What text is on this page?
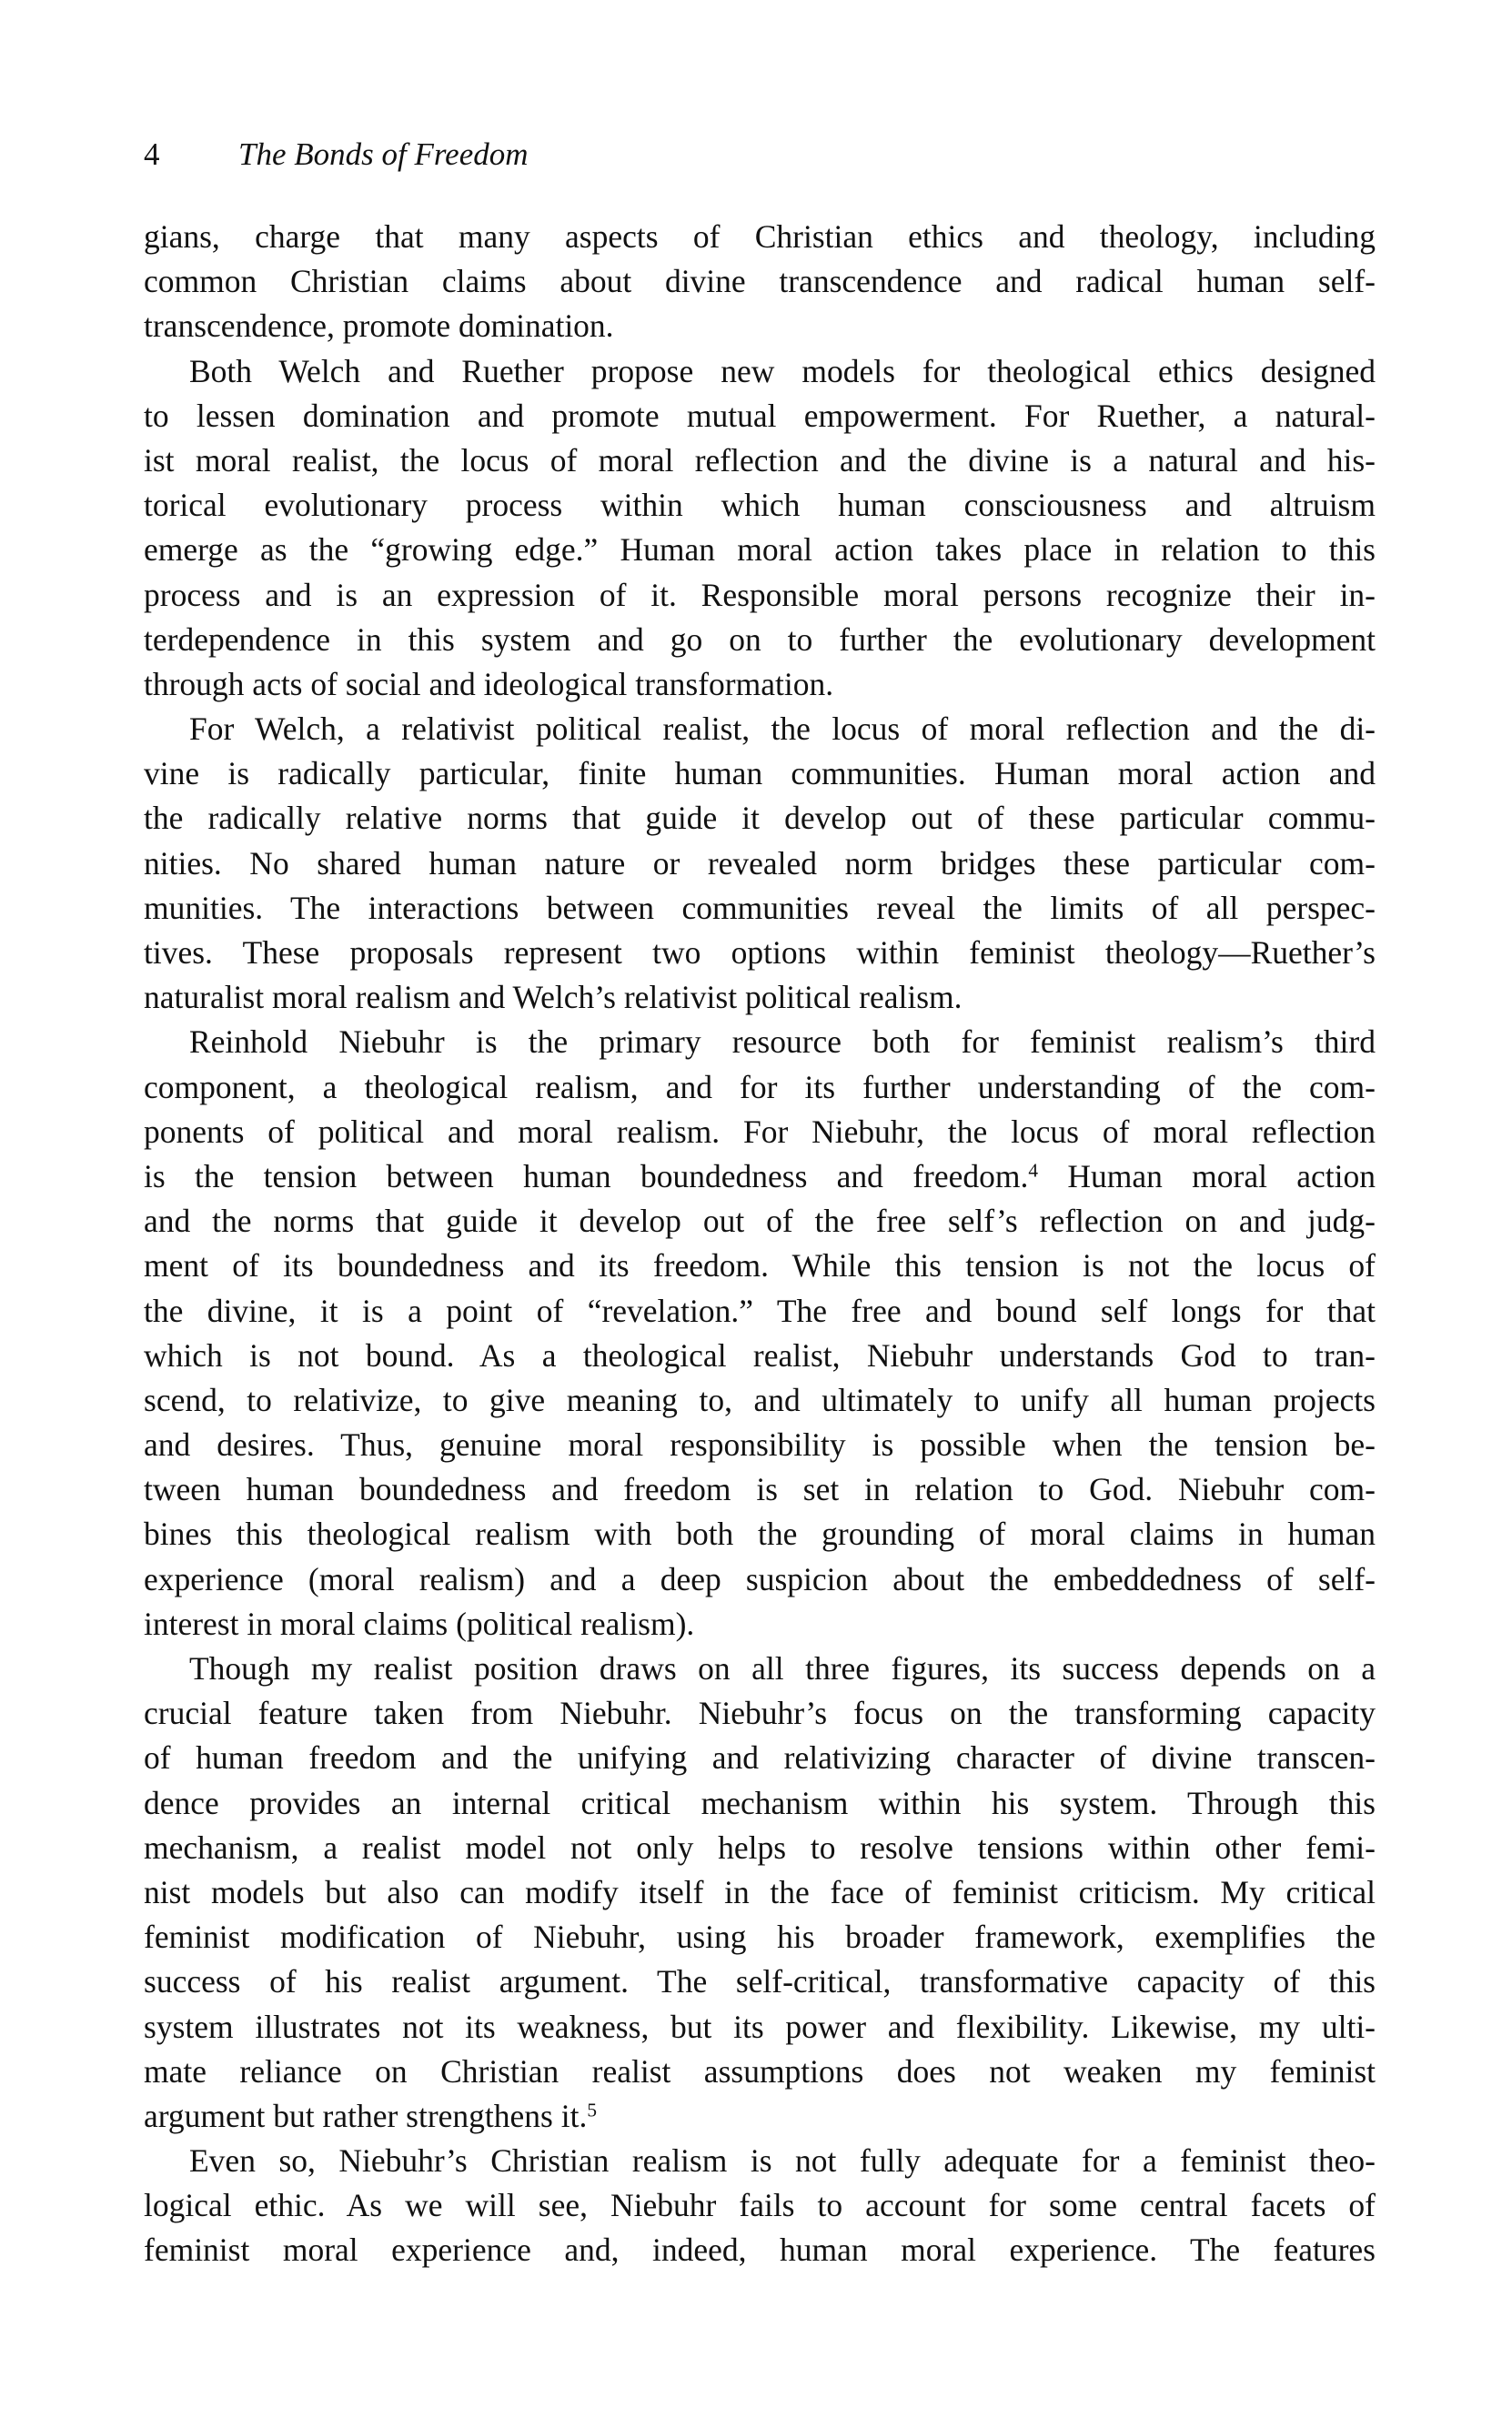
4 The Bonds of Freedom
gians, charge that many aspects of Christian ethics and theology, including
common Christian claims about divine transcendence and radical human self-
transcendence, promote domination.
Both Welch and Ruether propose new models for theological ethics designed
to lessen domination and promote mutual empowerment. For Ruether, a natural-
ist moral realist, the locus of moral reflection and the divine is a natural and his-
torical evolutionary process within which human consciousness and altruism
emerge as the “growing edge.” Human moral action takes place in relation to this
process and is an expression of it. Responsible moral persons recognize their in-
terdependence in this system and go on to further the evolutionary development
through acts of social and ideological transformation.
For Welch, a relativist political realist, the locus of moral reflection and the di-
vine is radically particular, finite human communities. Human moral action and
the radically relative norms that guide it develop out of these particular commu-
nities. No shared human nature or revealed norm bridges these particular com-
munities. The interactions between communities reveal the limits of all perspec-
tives. These proposals represent two options within feminist theology—Ruether’s
naturalist moral realism and Welch’s relativist political realism.
Reinhold Niebuhr is the primary resource both for feminist realism’s third
component, a theological realism, and for its further understanding of the com-
ponents of political and moral realism. For Niebuhr, the locus of moral reflection
is the tension between human boundedness and freedom.$^4$ Human moral action
and the norms that guide it develop out of the free self’s reflection on and judg-
ment of its boundedness and its freedom. While this tension is not the locus of
the divine, it is a point of “revelation.” The free and bound self longs for that
which is not bound. As a theological realist, Niebuhr understands God to tran-
scend, to relativize, to give meaning to, and ultimately to unify all human projects
and desires. Thus, genuine moral responsibility is possible when the tension be-
tween human boundedness and freedom is set in relation to God. Niebuhr com-
bines this theological realism with both the grounding of moral claims in human
experience (moral realism) and a deep suspicion about the embeddedness of self-
interest in moral claims (political realism).
Though my realist position draws on all three figures, its success depends on a
crucial feature taken from Niebuhr. Niebuhr’s focus on the transforming capacity
of human freedom and the unifying and relativizing character of divine transcen-
dence provides an internal critical mechanism within his system. Through this
mechanism, a realist model not only helps to resolve tensions within other femi-
nist models but also can modify itself in the face of feminist criticism. My critical
feminist modification of Niebuhr, using his broader framework, exemplifies the
success of his realist argument. The self-critical, transformative capacity of this
system illustrates not its weakness, but its power and flexibility. Likewise, my ulti-
mate reliance on Christian realist assumptions does not weaken my feminist
argument but rather strengthens it.$^5$
Even so, Niebuhr’s Christian realism is not fully adequate for a feminist theo-
logical ethic. As we will see, Niebuhr fails to account for some central facets of
feminist moral experience and, indeed, human moral experience. The features
